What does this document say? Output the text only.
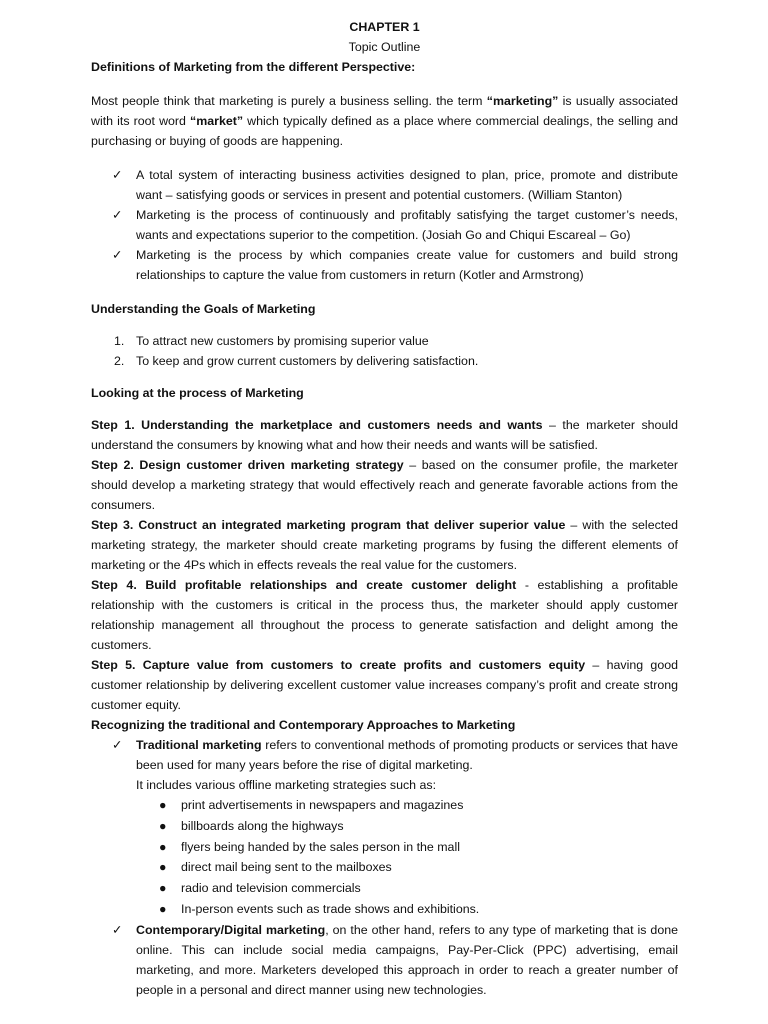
CHAPTER 1

Topic Outline

Definitions of Marketing from the different Perspective:

Most people think that marketing is purely a business selling. the term “marketing” is usually associated with its root word “market” which typically defined as a place where commercial dealings, the selling and purchasing or buying of goods are happening.

✓ A total system of interacting business activities designed to plan, price, promote and distribute want – satisfying goods or services in present and potential customers. (William Stanton)
✓ Marketing is the process of continuously and profitably satisfying the target customer’s needs, wants and expectations superior to the competition. (Josiah Go and Chiqui Escareal – Go)
✓ Marketing is the process by which companies create value for customers and build strong relationships to capture the value from customers in return (Kotler and Armstrong)

Understanding the Goals of Marketing

1. To attract new customers by promising superior value
2. To keep and grow current customers by delivering satisfaction.

Looking at the process of Marketing

Step 1. Understanding the marketplace and customers needs and wants – the marketer should understand the consumers by knowing what and how their needs and wants will be satisfied.

Step 2. Design customer driven marketing strategy – based on the consumer profile, the marketer should develop a marketing strategy that would effectively reach and generate favorable actions from the consumers.

Step 3. Construct an integrated marketing program that deliver superior value – with the selected marketing strategy, the marketer should create marketing programs by fusing the different elements of marketing or the 4Ps which in effects reveals the real value for the customers.

Step 4. Build profitable relationships and create customer delight - establishing a profitable relationship with the customers is critical in the process thus, the marketer should apply customer relationship management all throughout the process to generate satisfaction and delight among the customers.

Step 5. Capture value from customers to create profits and customers equity – having good customer relationship by delivering excellent customer value increases company’s profit and create strong customer equity.

Recognizing the traditional and Contemporary Approaches to Marketing

✓ Traditional marketing refers to conventional methods of promoting products or services that have been used for many years before the rise of digital marketing.
It includes various offline marketing strategies such as:
● print advertisements in newspapers and magazines
● billboards along the highways
● flyers being handed by the sales person in the mall
● direct mail being sent to the mailboxes
● radio and television commercials
● In-person events such as trade shows and exhibitions.
✓ Contemporary/Digital marketing, on the other hand, refers to any type of marketing that is done online. This can include social media campaigns, Pay-Per-Click (PPC) advertising, email marketing, and more. Marketers developed this approach in order to reach a greater number of people in a personal and direct manner using new technologies.
